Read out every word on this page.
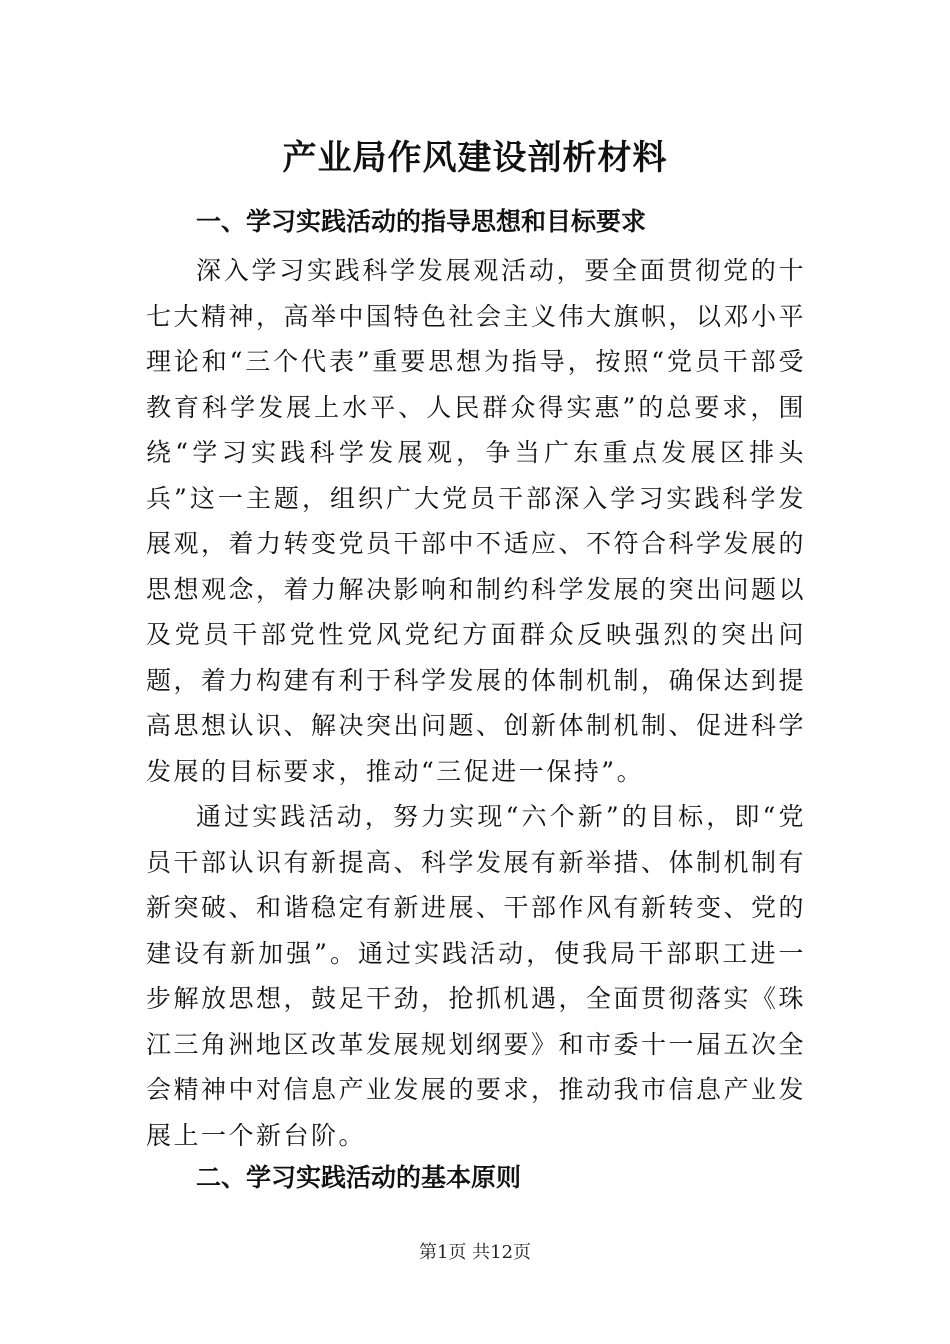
产业局作风建设剖析材料
一、学习实践活动的指导思想和目标要求

深入学习实践科学发展观活动，要全面贯彻党的十七大精神，高举中国特色社会主义伟大旗帜，以邓小平理论和“三个代表”重要思想为指导，按照“党员干部受教育科学发展上水平、人民群众得实惠”的总要求，围绕“学习实践科学发展观，争当广东重点发展区排头兵”这一主题，组织广大党员干部深入学习实践科学发展观，着力转变党员干部中不适应、不符合科学发展的思想观念，着力解决影响和制约科学发展的突出问题以及党员干部党性党风党纪方面群众反映强烈的突出问题，着力构建有利于科学发展的体制机制，确保达到提高思想认识、解决突出问题、创新体制机制、促进科学发展的目标要求，推动“三促进一保持”。

通过实践活动，努力实现“六个新”的目标，即“党员干部认识有新提高、科学发展有新举措、体制机制有新突破、和谐稳定有新进展、干部作风有新转变、党的建设有新加强”。通过实践活动，使我局干部职工进一步解放思想，鼓足干劲，抢抓机遇，全面贯彻落实《珠江三角洲地区改革发展规划纲要》和市委十一届五次全会精神中对信息产业发展的要求，推动我市信息产业发展上一个新台阶。

二、学习实践活动的基本原则
第1页 共12页
